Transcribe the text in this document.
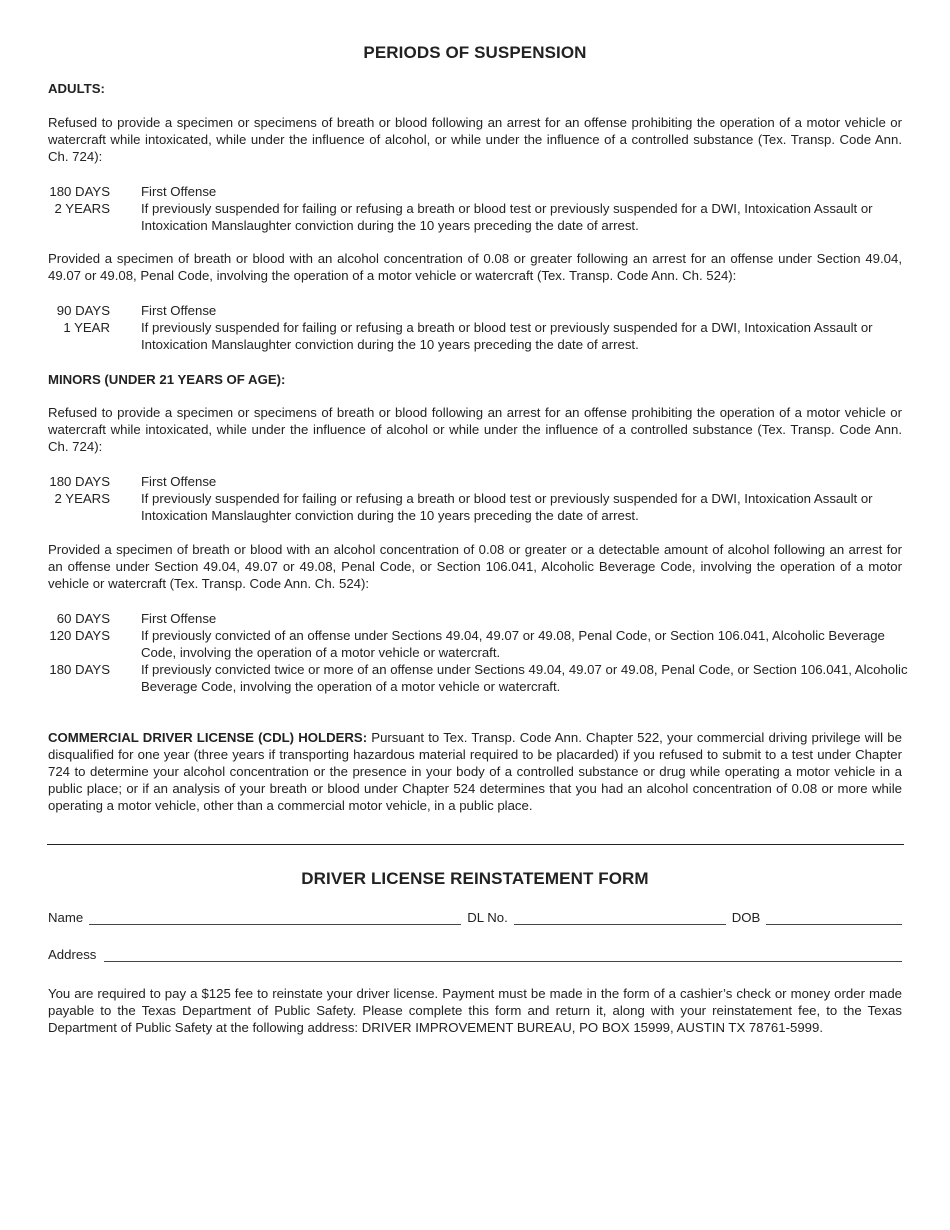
PERIODS OF SUSPENSION
ADULTS:
Refused to provide a specimen or specimens of breath or blood following an arrest for an offense prohibiting the operation of a motor vehicle or watercraft while intoxicated, while under the influence of alcohol, or while under the influence of a controlled substance (Tex. Transp. Code Ann. Ch. 724):
180 DAYS First Offense
2 YEARS If previously suspended for failing or refusing a breath or blood test or previously suspended for a DWI, Intoxication Assault or Intoxication Manslaughter conviction during the 10 years preceding the date of arrest.
Provided a specimen of breath or blood with an alcohol concentration of 0.08 or greater following an arrest for an offense under Section 49.04, 49.07 or 49.08, Penal Code, involving the operation of a motor vehicle or watercraft (Tex. Transp. Code Ann. Ch. 524):
90 DAYS First Offense
1 YEAR If previously suspended for failing or refusing a breath or blood test or previously suspended for a DWI, Intoxication Assault or Intoxication Manslaughter conviction during the 10 years preceding the date of arrest.
MINORS (UNDER 21 YEARS OF AGE):
Refused to provide a specimen or specimens of breath or blood following an arrest for an offense prohibiting the operation of a motor vehicle or watercraft while intoxicated, while under the influence of alcohol or while under the influence of a controlled substance (Tex. Transp. Code Ann. Ch. 724):
180 DAYS First Offense
2 YEARS If previously suspended for failing or refusing a breath or blood test or previously suspended for a DWI, Intoxication Assault or Intoxication Manslaughter conviction during the 10 years preceding the date of arrest.
Provided a specimen of breath or blood with an alcohol concentration of 0.08 or greater or a detectable amount of alcohol following an arrest for an offense under Section 49.04, 49.07 or 49.08, Penal Code, or Section 106.041, Alcoholic Beverage Code, involving the operation of a motor vehicle or watercraft (Tex. Transp. Code Ann. Ch. 524):
60 DAYS First Offense
120 DAYS If previously convicted of an offense under Sections 49.04, 49.07 or 49.08, Penal Code, or Section 106.041, Alcoholic Beverage Code, involving the operation of a motor vehicle or watercraft.
180 DAYS If previously convicted twice or more of an offense under Sections 49.04, 49.07 or 49.08, Penal Code, or Section 106.041, Alcoholic Beverage Code, involving the operation of a motor vehicle or watercraft.
COMMERCIAL DRIVER LICENSE (CDL) HOLDERS: Pursuant to Tex. Transp. Code Ann. Chapter 522, your commercial driving privilege will be disqualified for one year (three years if transporting hazardous material required to be placarded) if you refused to submit to a test under Chapter 724 to determine your alcohol concentration or the presence in your body of a controlled substance or drug while operating a motor vehicle in a public place; or if an analysis of your breath or blood under Chapter 524 determines that you had an alcohol concentration of 0.08 or more while operating a motor vehicle, other than a commercial motor vehicle, in a public place.
DRIVER LICENSE REINSTATEMENT FORM
Name	DL No.	DOB
Address
You are required to pay a $125 fee to reinstate your driver license. Payment must be made in the form of a cashier’s check or money order made payable to the Texas Department of Public Safety. Please complete this form and return it, along with your reinstatement fee, to the Texas Department of Public Safety at the following address: DRIVER IMPROVEMENT BUREAU, PO BOX 15999, AUSTIN TX 78761-5999.
